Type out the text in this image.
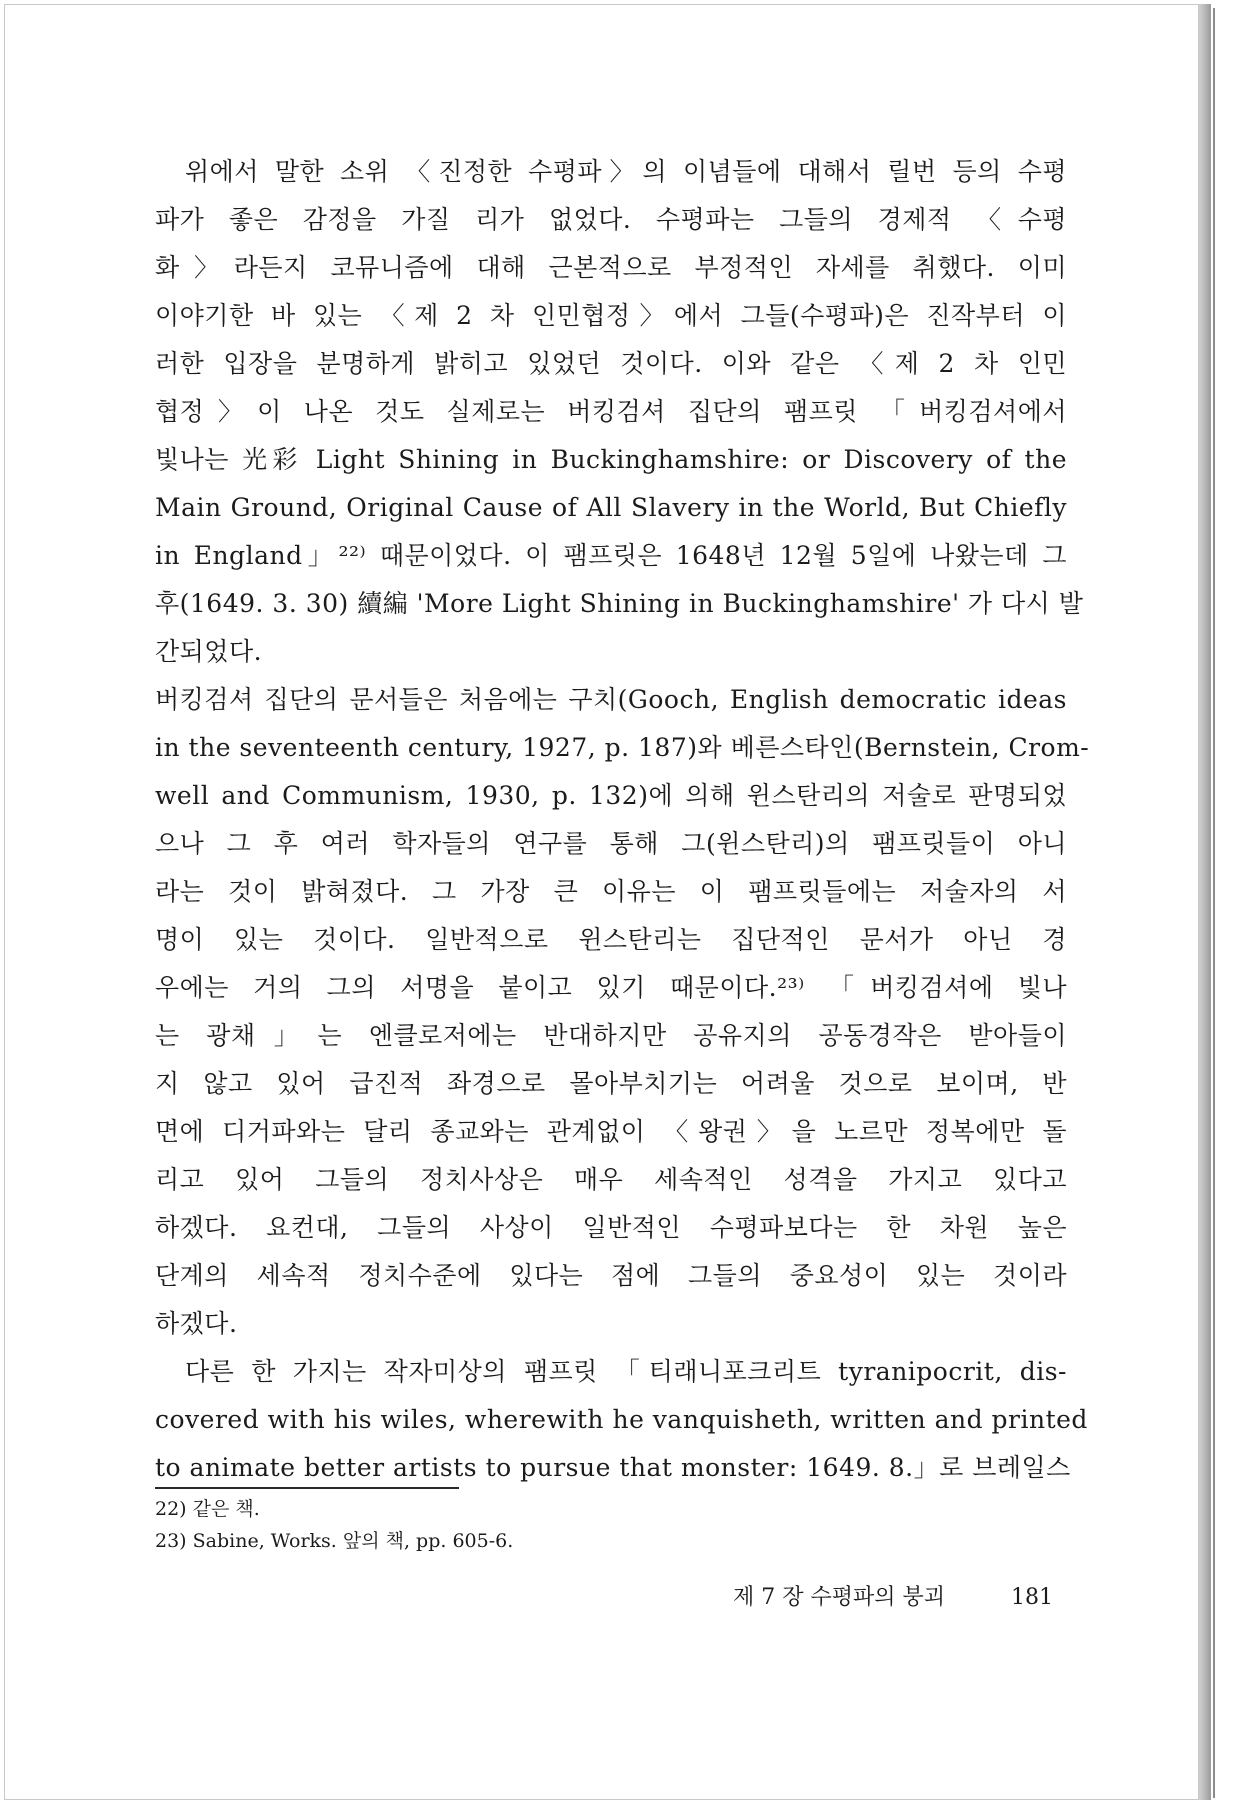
위에서 말한 소위 〈진정한 수평파〉의 이념들에 대해서 릴번 등의 수평
파가 좋은 감정을 가질 리가 없었다. 수평파는 그들의 경제적 〈수평
화〉라든지 코뮤니즘에 대해 근본적으로 부정적인 자세를 취했다. 이미
이야기한 바 있는 〈제 2 차 인민협정〉에서 그들(수평파)은 진작부터 이
러한 입장을 분명하게 밝히고 있었던 것이다. 이와 같은 〈제 2 차 인민
협정〉이 나온 것도 실제로는 버킹검셔 집단의 팸프릿 「버킹검셔에서
빛나는 光彩 Light Shining in Buckinghamshire: or Discovery of the
Main Ground, Original Cause of All Slavery in the World, But Chiefly
in England」²²⁾ 때문이었다. 이 팸프릿은 1648년 12월 5일에 나왔는데 그
후(1649. 3. 30) 續編 'More Light Shining in Buckinghamshire' 가 다시 발
간되었다.
버킹검셔 집단의 문서들은 처음에는 구치(Gooch, English democratic ideas
in the seventeenth century, 1927, p. 187)와 베른스타인(Bernstein, Crom-
well and Communism, 1930, p. 132)에 의해 윈스탄리의 저술로 판명되었
으나 그 후 여러 학자들의 연구를 통해 그(윈스탄리)의 팸프릿들이 아니
라는 것이 밝혀졌다. 그 가장 큰 이유는 이 팸프릿들에는 저술자의 서
명이 있는 것이다. 일반적으로 윈스탄리는 집단적인 문서가 아닌 경
우에는 거의 그의 서명을 붙이고 있기 때문이다.²³⁾ 「버킹검셔에 빛나
는 광채」는 엔클로저에는 반대하지만 공유지의 공동경작은 받아들이
지 않고 있어 급진적 좌경으로 몰아부치기는 어려울 것으로 보이며, 반
면에 디거파와는 달리 종교와는 관계없이 〈왕권〉을 노르만 정복에만 돌
리고 있어 그들의 정치사상은 매우 세속적인 성격을 가지고 있다고
하겠다. 요컨대, 그들의 사상이 일반적인 수평파보다는 한 차원 높은
단계의 세속적 정치수준에 있다는 점에 그들의 중요성이 있는 것이라
하겠다.
다른 한 가지는 작자미상의 팸프릿 「티래니포크리트 tyranipocrit, dis-
covered with his wiles, wherewith he vanquisheth, written and printed
to animate better artists to pursue that monster: 1649. 8.」로 브레일스
22) 같은 책.
23) Sabine, Works. 앞의 책, pp. 605-6.
제 7 장 수평파의 붕괴	181
